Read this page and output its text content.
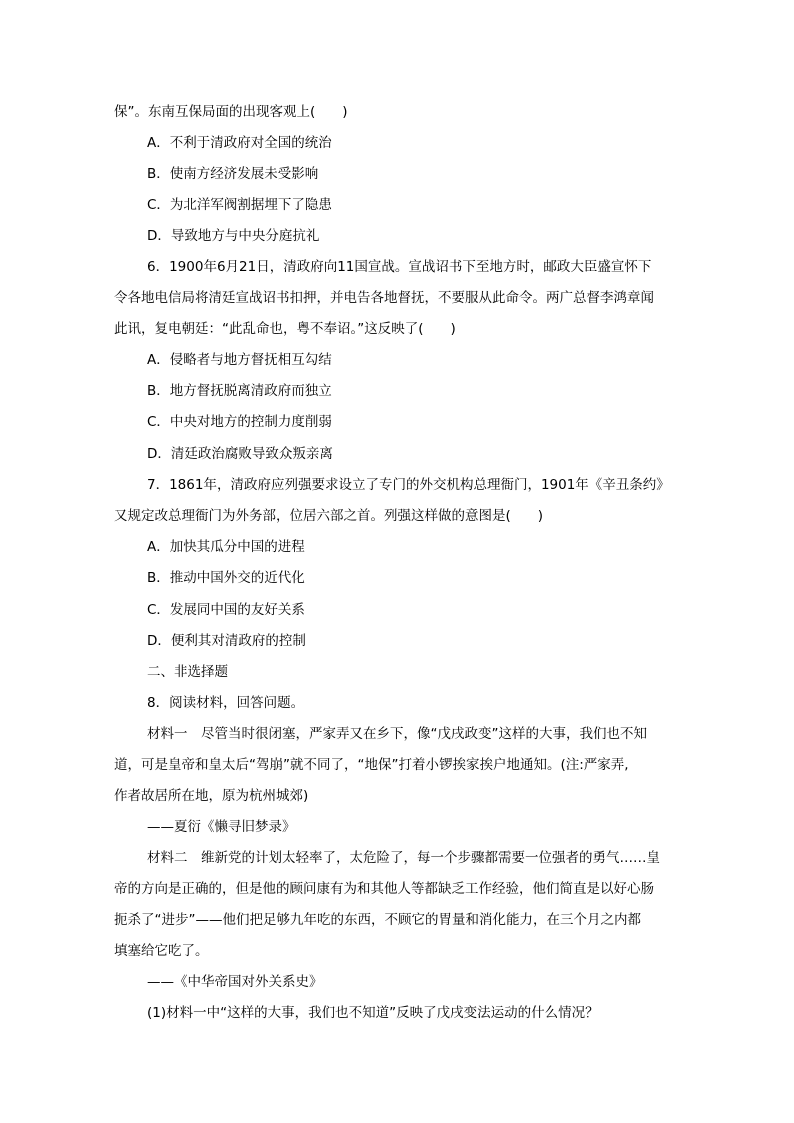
保”。东南互保局面的出现客观上(　　)
A．不利于清政府对全国的统治
B．使南方经济发展未受影响
C．为北洋军阀割据埋下了隐患
D．导致地方与中央分庭抗礼
6．1900年6月21日，清政府向11国宣战。宣战诏书下至地方时，邮政大臣盛宣怀下
令各地电信局将清廷宣战诏书扣押，并电告各地督抚，不要服从此命令。两广总督李鸿章闻
此讯，复电朝廷：“此乱命也，粤不奉诏。”这反映了(　　)
A．侵略者与地方督抚相互勾结
B．地方督抚脱离清政府而独立
C．中央对地方的控制力度削弱
D．清廷政治腐败导致众叛亲离
7．1861年，清政府应列强要求设立了专门的外交机构总理衙门，1901年《辛丑条约》
又规定改总理衙门为外务部，位居六部之首。列强这样做的意图是(　　)
A．加快其瓜分中国的进程
B．推动中国外交的近代化
C．发展同中国的友好关系
D．便利其对清政府的控制
二、非选择题
8．阅读材料，回答问题。
材料一　尽管当时很闭塞，严家弄又在乡下，像“戊戌政变”这样的大事，我们也不知
道，可是皇帝和皇太后“驾崩”就不同了，“地保”打着小锣挨家挨户地通知。(注:严家弄,
作者故居所在地，原为杭州城郊)
——夏衍《懒寻旧梦录》
材料二　维新党的计划太轻率了，太危险了，每一个步骤都需要一位强者的勇气……皇
帝的方向是正确的，但是他的顾问康有为和其他人等都缺乏工作经验，他们简直是以好心肠
扼杀了“进步”——他们把足够九年吃的东西，不顾它的胃量和消化能力，在三个月之内都
填塞给它吃了。
——《中华帝国对外关系史》
(1)材料一中“这样的大事，我们也不知道”反映了戊戌变法运动的什么情况？
